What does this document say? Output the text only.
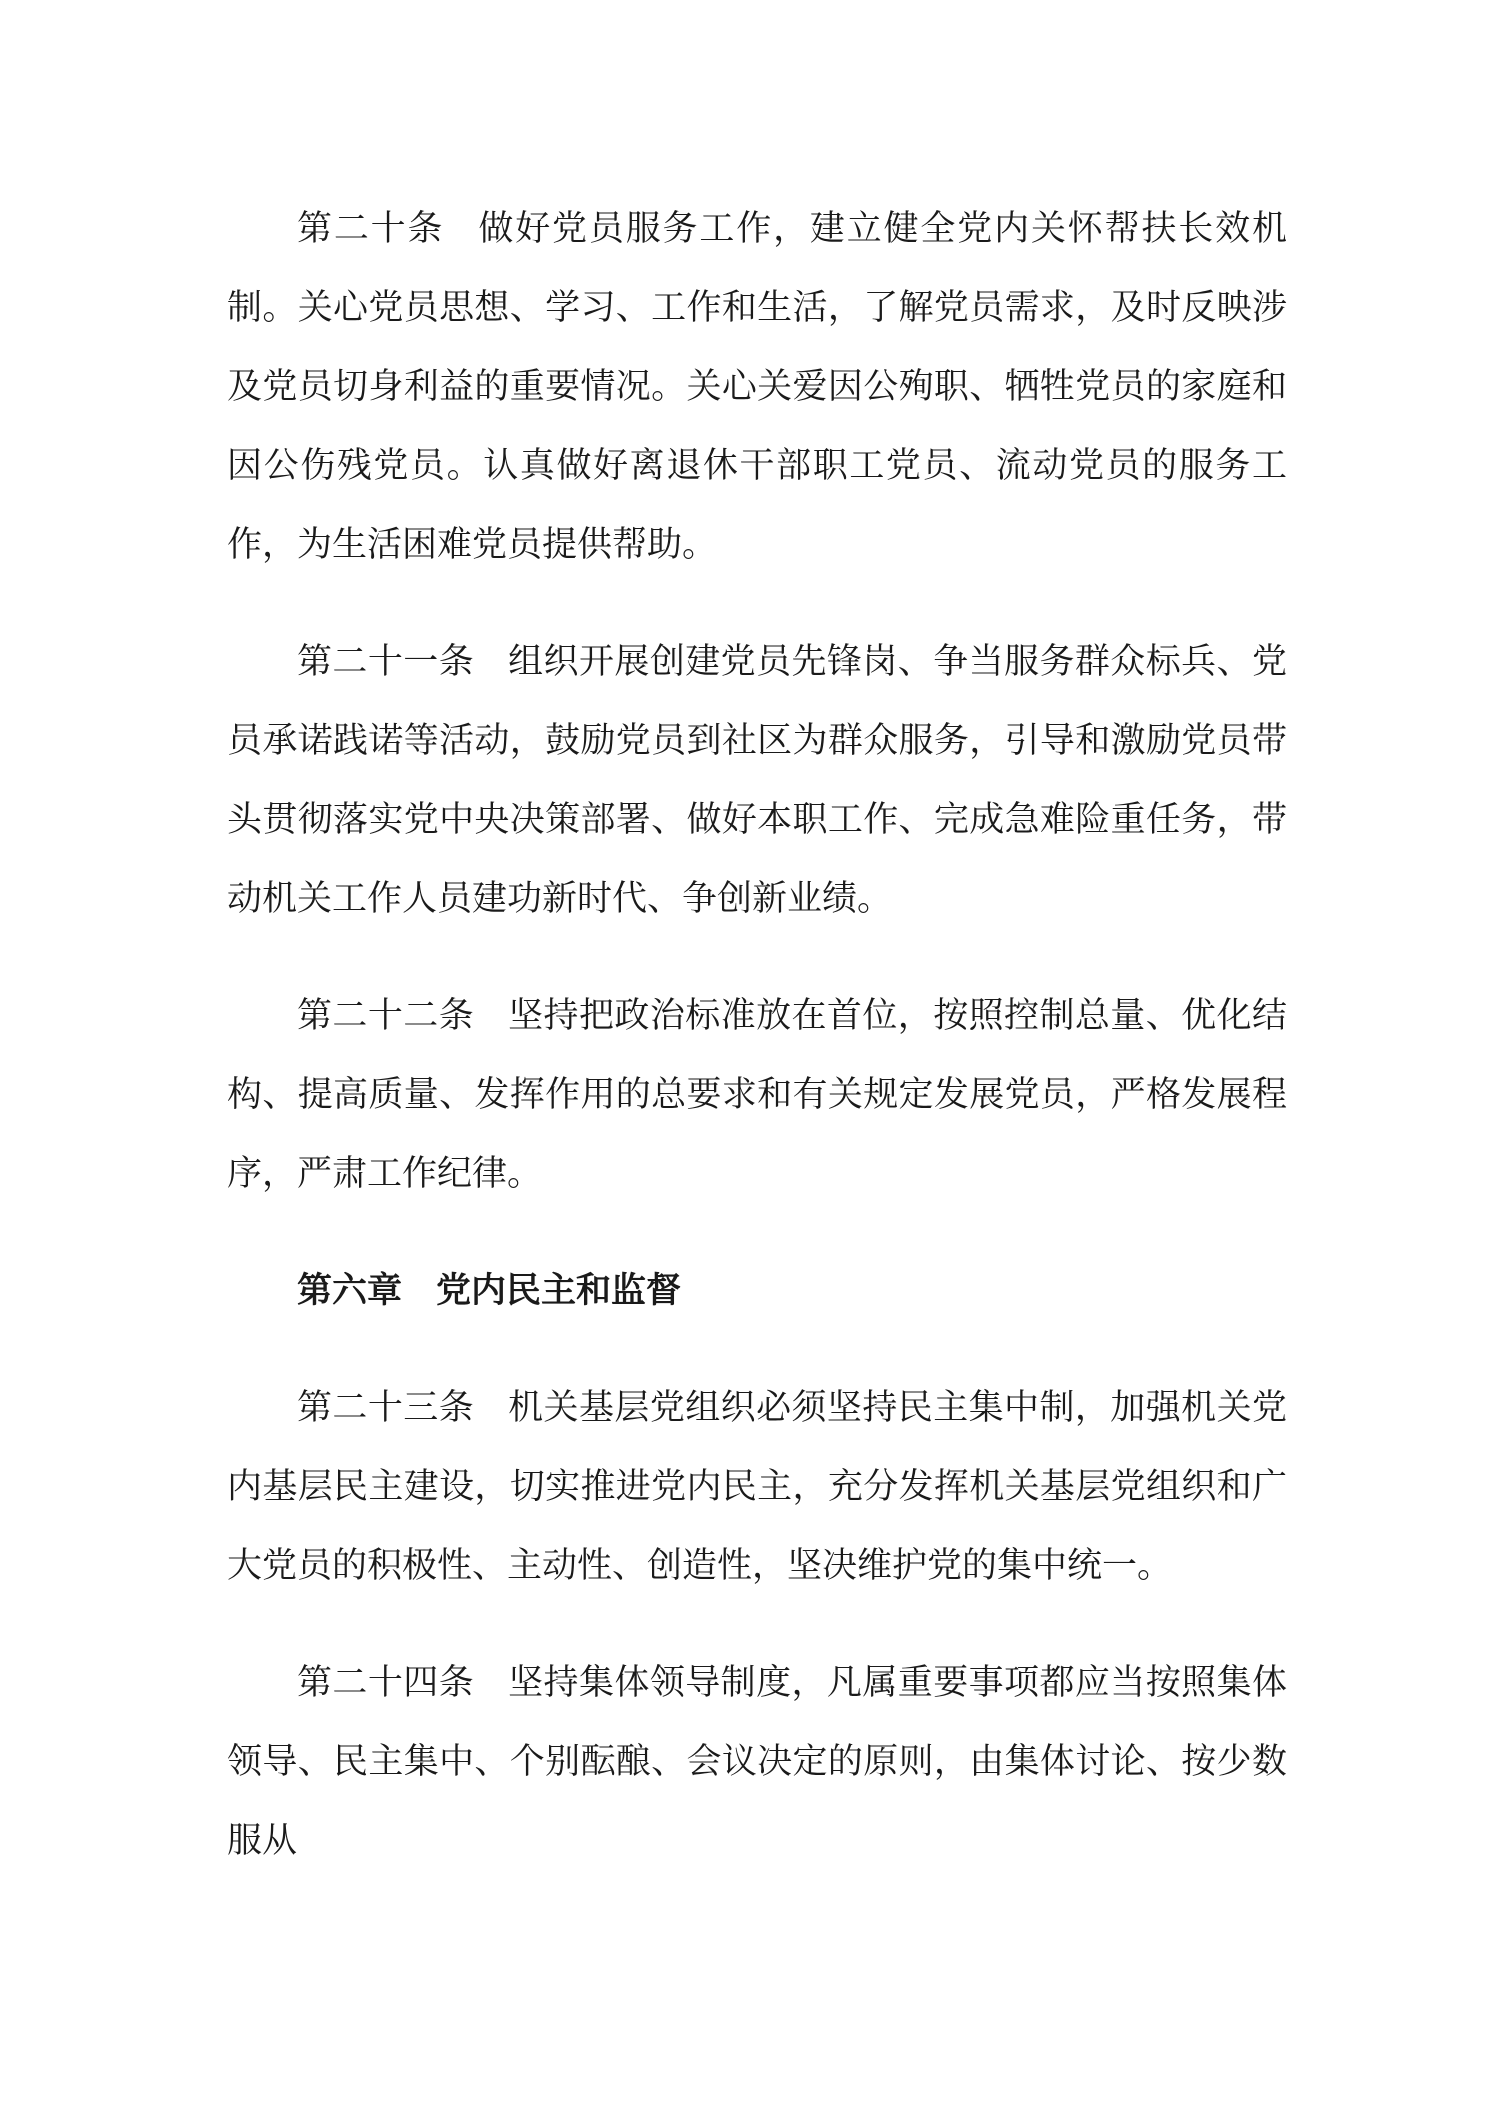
第二十条 做好党员服务工作，建立健全党内关怀帮扶长效机制。关心党员思想、学习、工作和生活，了解党员需求，及时反映涉及党员切身利益的重要情况。关心关爱因公殉职、牺牲党员的家庭和因公伤残党员。认真做好离退休干部职工党员、流动党员的服务工作，为生活困难党员提供帮助。

第二十一条 组织开展创建党员先锋岗、争当服务群众标兵、党员承诺践诺等活动，鼓励党员到社区为群众服务，引导和激励党员带头贯彻落实党中央决策部署、做好本职工作、完成急难险重任务，带动机关工作人员建功新时代、争创新业绩。

第二十二条 坚持把政治标准放在首位，按照控制总量、优化结构、提高质量、发挥作用的总要求和有关规定发展党员，严格发展程序，严肃工作纪律。

第六章 党内民主和监督

第二十三条 机关基层党组织必须坚持民主集中制，加强机关党内基层民主建设，切实推进党内民主，充分发挥机关基层党组织和广大党员的积极性、主动性、创造性，坚决维护党的集中统一。

第二十四条 坚持集体领导制度，凡属重要事项都应当按照集体领导、民主集中、个别酝酿、会议决定的原则，由集体讨论、按少数服从
